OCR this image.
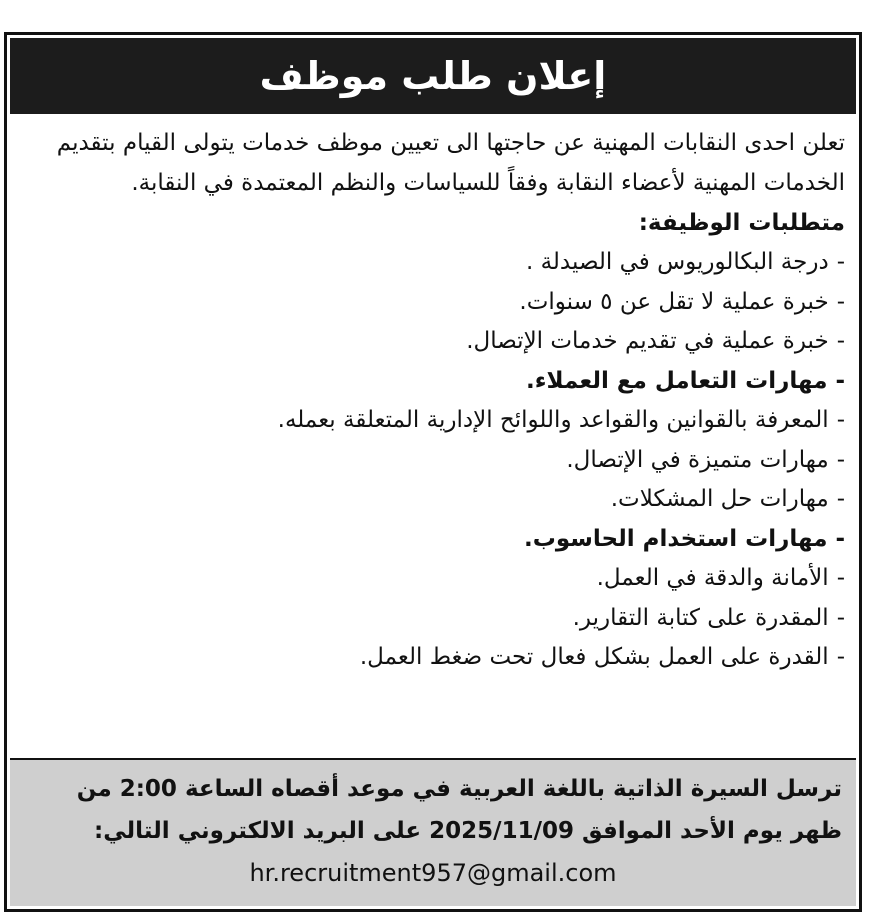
إعلان طلب موظف

تعلن احدى النقابات المهنية عن حاجتها الى تعيين موظف خدمات يتولى القيام بتقديم الخدمات المهنية لأعضاء النقابة وفقاً للسياسات والنظم المعتمدة في النقابة.

متطلبات الوظيفة:

-درجة البكالوريوس في الصيدلة .
-خبرة عملية لا تقل عن ٥ سنوات.
-خبرة عملية في تقديم خدمات الإتصال.
-مهارات التعامل مع العملاء.
-المعرفة بالقوانين والقواعد واللوائح الإدارية المتعلقة بعمله.
-مهارات متميزة في الإتصال.
-مهارات حل المشكلات.
-مهارات استخدام الحاسوب.
-الأمانة والدقة في العمل.
-المقدرة على كتابة التقارير.
-القدرة على العمل بشكل فعال تحت ضغط العمل.

ترسل السيرة الذاتية باللغة العربية في موعد أقصاه الساعة 2:00 من

ظهر يوم الأحد الموافق 2025/11/09 على البريد الالكتروني التالي:

hr.recruitment957@gmail.com
